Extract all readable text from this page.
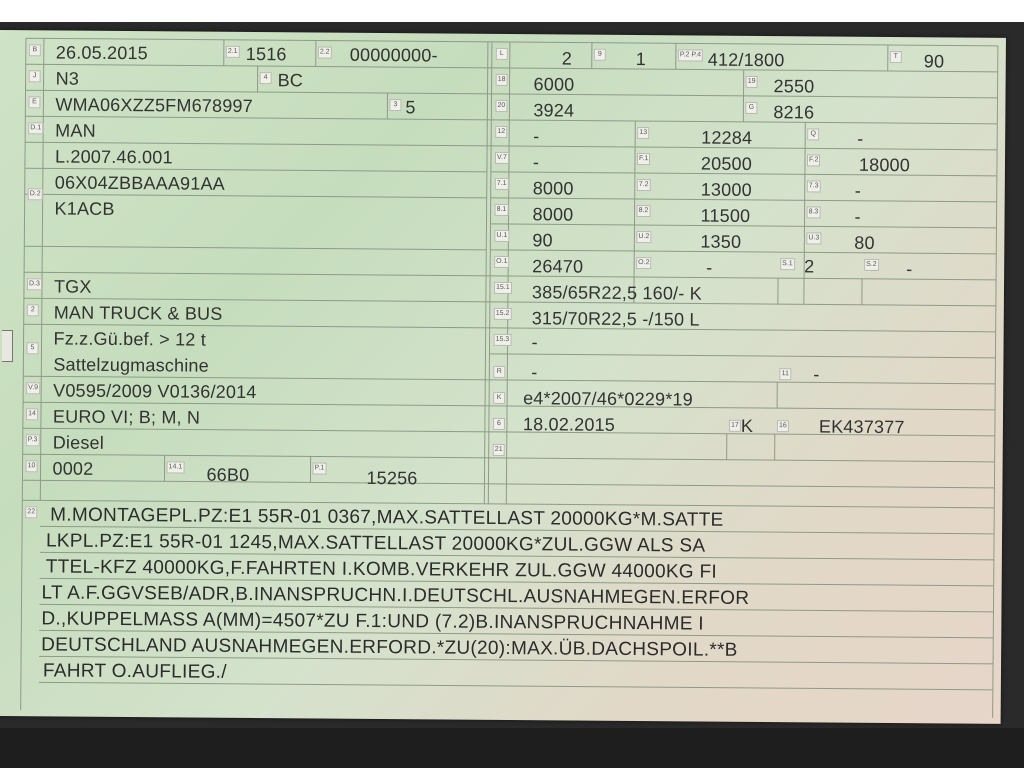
B 26.05.2015	2.1 1516	2.2 00000000-
J N3	4 BC
E WMA06XZZ5FM678997	3 5
D.1 MAN
D.2
L.2007.46.001
06X04ZBBAAA91AA
K1ACB
D.3 TGX
2 MAN TRUCK & BUS
5 Fz.z.Gü.bef. > 12 t
Sattelzugmaschine
V.9 V0595/2009 V0136/2014
14 EURO VI; B; M, N
P.3 Diesel
10 0002	14.1 66B0	P.1 15256
L	2	9 1	P.2 P.4 412/1800	T 90
18 6000	19 2550
20 3924	G 8216
12 -	13	12284	Q -
V.7 -	F.1	20500	F.2 18000
7.1 8000	7.2	13000	7.3 -
8.1 8000	8.2	11500	8.3 -
U.1 90	U.2	1350	U.3 80
O.1 26470	O.2	-	S.1 2	S.2 -
15.1 385/65R22,5 160/- K
15.2 315/70R22,5 -/150 L
15.3 -
R -	11 -
K e4*2007/46*0229*19
6 18.02.2015	17 K	16 EK437377
21
22 M.MONTAGEPL.PZ:E1 55R-01 0367,MAX.SATTELLAST 20000KG*M.SATTE
LKPL.PZ:E1 55R-01 1245,MAX.SATTELLAST 20000KG*ZUL.GGW ALS SA
TTEL-KFZ 40000KG,F.FAHRTEN I.KOMB.VERKEHR ZUL.GGW 44000KG FI
LT A.F.GGVSEB/ADR,B.INANSPRUCHN.I.DEUTSCHL.AUSNAHMEGEN.ERFOR
D.,KUPPELMASS A(MM)=4507*ZU F.1:UND (7.2)B.INANSPRUCHNAHME I
DEUTSCHLAND AUSNAHMEGEN.ERFORD.*ZU(20):MAX.ÜB.DACHSPOIL.**B
FAHRT O.AUFLIEG./
